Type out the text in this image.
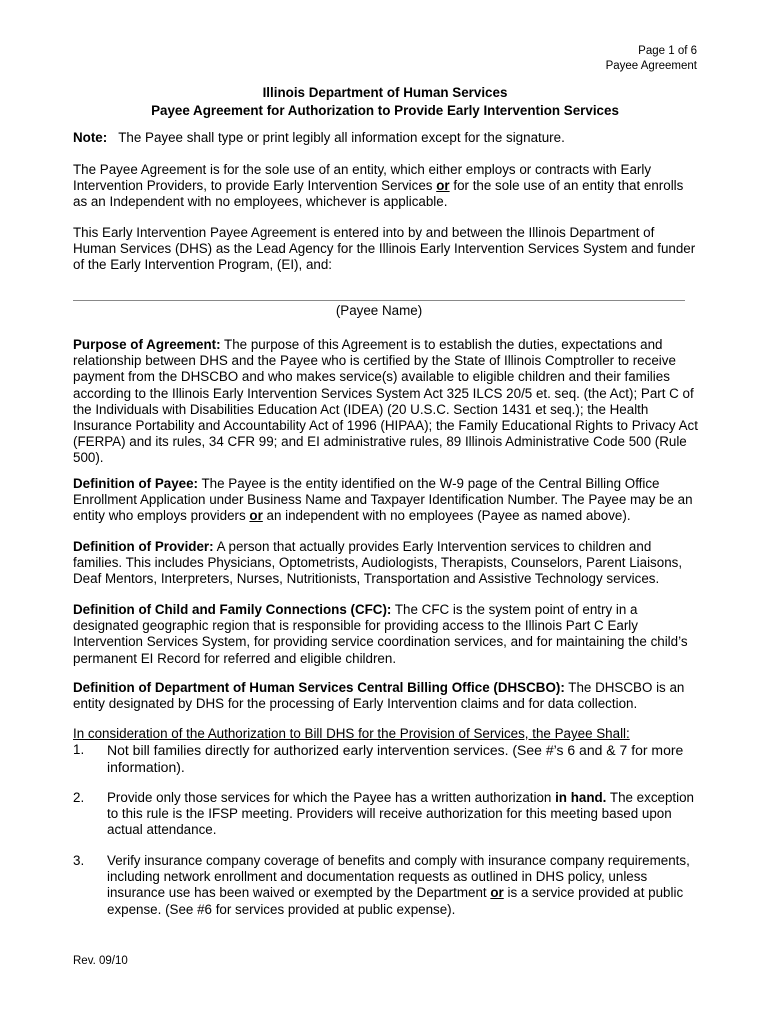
Page 1 of 6
Payee Agreement
Illinois Department of Human Services
Payee Agreement for Authorization to Provide Early Intervention Services
Note: The Payee shall type or print legibly all information except for the signature.
The Payee Agreement is for the sole use of an entity, which either employs or contracts with Early Intervention Providers, to provide Early Intervention Services or for the sole use of an entity that enrolls as an Independent with no employees, whichever is applicable.
This Early Intervention Payee Agreement is entered into by and between the Illinois Department of Human Services (DHS) as the Lead Agency for the Illinois Early Intervention Services System and funder of the Early Intervention Program, (EI), and:
(Payee Name)
Purpose of Agreement: The purpose of this Agreement is to establish the duties, expectations and relationship between DHS and the Payee who is certified by the State of Illinois Comptroller to receive payment from the DHSCBO and who makes service(s) available to eligible children and their families according to the Illinois Early Intervention Services System Act 325 ILCS 20/5 et. seq. (the Act); Part C of the Individuals with Disabilities Education Act (IDEA) (20 U.S.C. Section 1431 et seq.); the Health Insurance Portability and Accountability Act of 1996 (HIPAA); the Family Educational Rights to Privacy Act (FERPA) and its rules, 34 CFR 99; and EI administrative rules, 89 Illinois Administrative Code 500 (Rule 500).
Definition of Payee: The Payee is the entity identified on the W-9 page of the Central Billing Office Enrollment Application under Business Name and Taxpayer Identification Number. The Payee may be an entity who employs providers or an independent with no employees (Payee as named above).
Definition of Provider: A person that actually provides Early Intervention services to children and families. This includes Physicians, Optometrists, Audiologists, Therapists, Counselors, Parent Liaisons, Deaf Mentors, Interpreters, Nurses, Nutritionists, Transportation and Assistive Technology services.
Definition of Child and Family Connections (CFC): The CFC is the system point of entry in a designated geographic region that is responsible for providing access to the Illinois Part C Early Intervention Services System, for providing service coordination services, and for maintaining the child’s permanent EI Record for referred and eligible children.
Definition of Department of Human Services Central Billing Office (DHSCBO): The DHSCBO is an entity designated by DHS for the processing of Early Intervention claims and for data collection.
In consideration of the Authorization to Bill DHS for the Provision of Services, the Payee Shall:
1. Not bill families directly for authorized early intervention services. (See #’s 6 and & 7 for more information).
2. Provide only those services for which the Payee has a written authorization in hand. The exception to this rule is the IFSP meeting. Providers will receive authorization for this meeting based upon actual attendance.
3. Verify insurance company coverage of benefits and comply with insurance company requirements, including network enrollment and documentation requests as outlined in DHS policy, unless insurance use has been waived or exempted by the Department or is a service provided at public expense. (See #6 for services provided at public expense).
Rev. 09/10
